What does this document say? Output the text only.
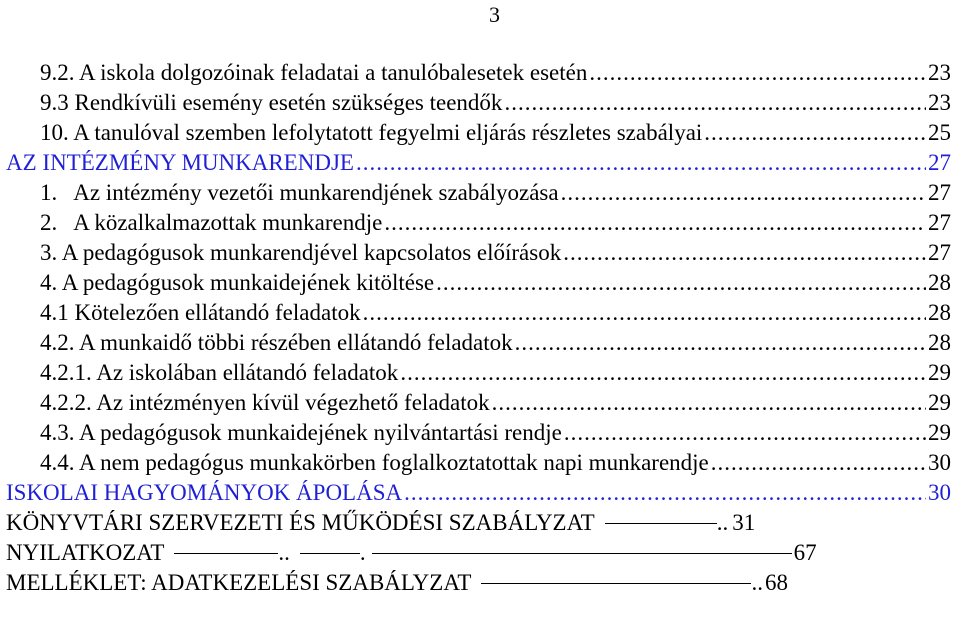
3
9.2. A iskola dolgozóinak feladatai a tanulóbalesetek esetén .....	23
9.3 Rendkívüli esemény esetén szükséges teendők .....	23
10. A tanulóval szemben lefolytatott fegyelmi eljárás részletes szabályai .....	25
AZ INTÉZMÉNY MUNKARENDJE .....	27
1.   Az intézmény vezetői munkarendjének szabályozása .....	27
2.   A közalkalmazottak munkarendje .....	27
3. A pedagógusok munkarendjével kapcsolatos előírások .....	27
4. A pedagógusok munkaidejének kitöltése .....	28
4.1 Kötelezően ellátandó feladatok .....	28
4.2. A munkaidő többi részében ellátandó feladatok .....	28
4.2.1. Az iskolában ellátandó feladatok .....	29
4.2.2. Az intézményen kívül végezhető feladatok .....	29
4.3. A pedagógusok munkaidejének nyilvántartási rendje .....	29
4.4. A nem pedagógus munkakörben foglalkoztatottak napi munkarendje .....	30
ISKOLAI HAGYOMÁNYOK ÁPOLÁSA .....	30
KÖNYVTÁRI SZERVEZETI ÉS MŰKÖDÉSI SZABÁLYZAT	.. 31
NYILATKOZAT	..	.	67
MELLÉKLET: ADATKEZELÉSI SZABÁLYZAT	.. 68
